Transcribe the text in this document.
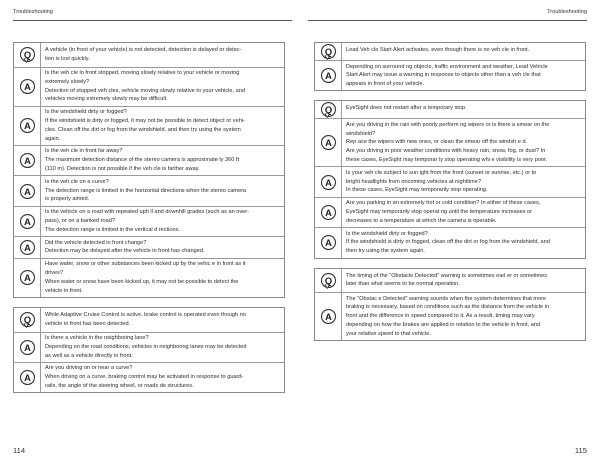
Troubleshooting	Troubleshooting
Q
A vehicle (in front of your vehicle) is not detected, detection is delayed or detec-
tion is lost quickly.
A
Is the veh cle in front stopped, moving slowly relative to your vehicle or moving
extremely slowly?
Detection of stopped veh cles, vehicle moving slowly relative to your vehicle, and
vehicles moving extremely slowly may be difficult.
A
Is the windshield dirty or fogged?
If the windshield is dirty or fogged, it may not be possible to detect object or vehi-
cles. Clean off the dirt or fog from the windshield, and then try using the system
again.
A
Is the veh cle in front far away?
The maximum detection distance of the stereo camera is approximate ly 360 ft
(110 m). Detection is not possible if the veh cle is farther away.
A
Is the veh cle on a curve?
The detection range is limited in the horizontal directions when the stereo camera
is properly aimed.
A
Is the vehicle on a road with repeated uph ll and downhill grades (such as an over-
pass), or on a banked road?
The detection range is limited in the vertical d rections.
A
Did the vehicle detected in front change?
Detection may be delayed after the vehicle in front has changed.
A
Have water, snow or other substances been kicked up by the vehic e in front as it
drives?
When water or snow have been kicked up, it may not be possible to detect the
vehicle in front.
Q
While Adaptive Cruise Control is active, brake control is operated even though no
vehicle in front has been detected.
A
Is there a vehicle in the neighboring lane?
Depending on the road conditions, vehicles in neighboring lanes may be detected
as well as a vehicle directly in front.
A
Are you driving on or near a curve?
When driving on a curve, braking control may be activated in response to guard-
rails, the angle of the steering wheel, or roads de structures.
Q	Lead Veh cle Start Alert activates, even though there is no veh cle in front.
A
Depending on surround ng objects, traffic environment and weather, Lead Vehicle
Start Alert may issue a warning in response to objects other than a veh cle that
appears in front of your vehicle.
Q	EyeSight does not restart after a temporary stop.
A
Are you driving in the rain with poorly perform ng wipers or is there a smear on the
windshield?
Rep ace the wipers with new ones, or clean the smear off the windsh e d.
Are you driving in poor weather conditions with heavy rain, snow, fog, or dust? In
these cases, EyeSight may temporar ly stop operating whi e visibility is very poor.
A
Is your veh cle subject to sun ight from the front (sunset or sunrise, etc.) or to
bright headlights from oncoming vehicles at nighttime?
In these cases, EyeSight may temporarily stop operating.
A
Are you parking in an extremely hot or cold condition? In either of these cases,
EyeSight may temporarily stop operat ng until the temperature increases or
decreases to a temperature at which the camera is operable.
A
Is the windshield dirty or fogged?
If the windshield is dirty or fogged, clean off the dirt or fog from the windshield, and
then try using the system again.
Q
The timing of the "Obstacle Detected" warning is sometimes earl er or sometimes
later than what seems to be normal operation.
A
The "Obstac e Detected" warning sounds when the system determines that more
braking is necessary, based on conditions such as the distance from the vehicle in
front and the difference in speed compared to it. As a result, timing may vary
depending on how the brakes are applied in relation to the vehicle in front, and
your relative speed to that vehicle.
114	115
